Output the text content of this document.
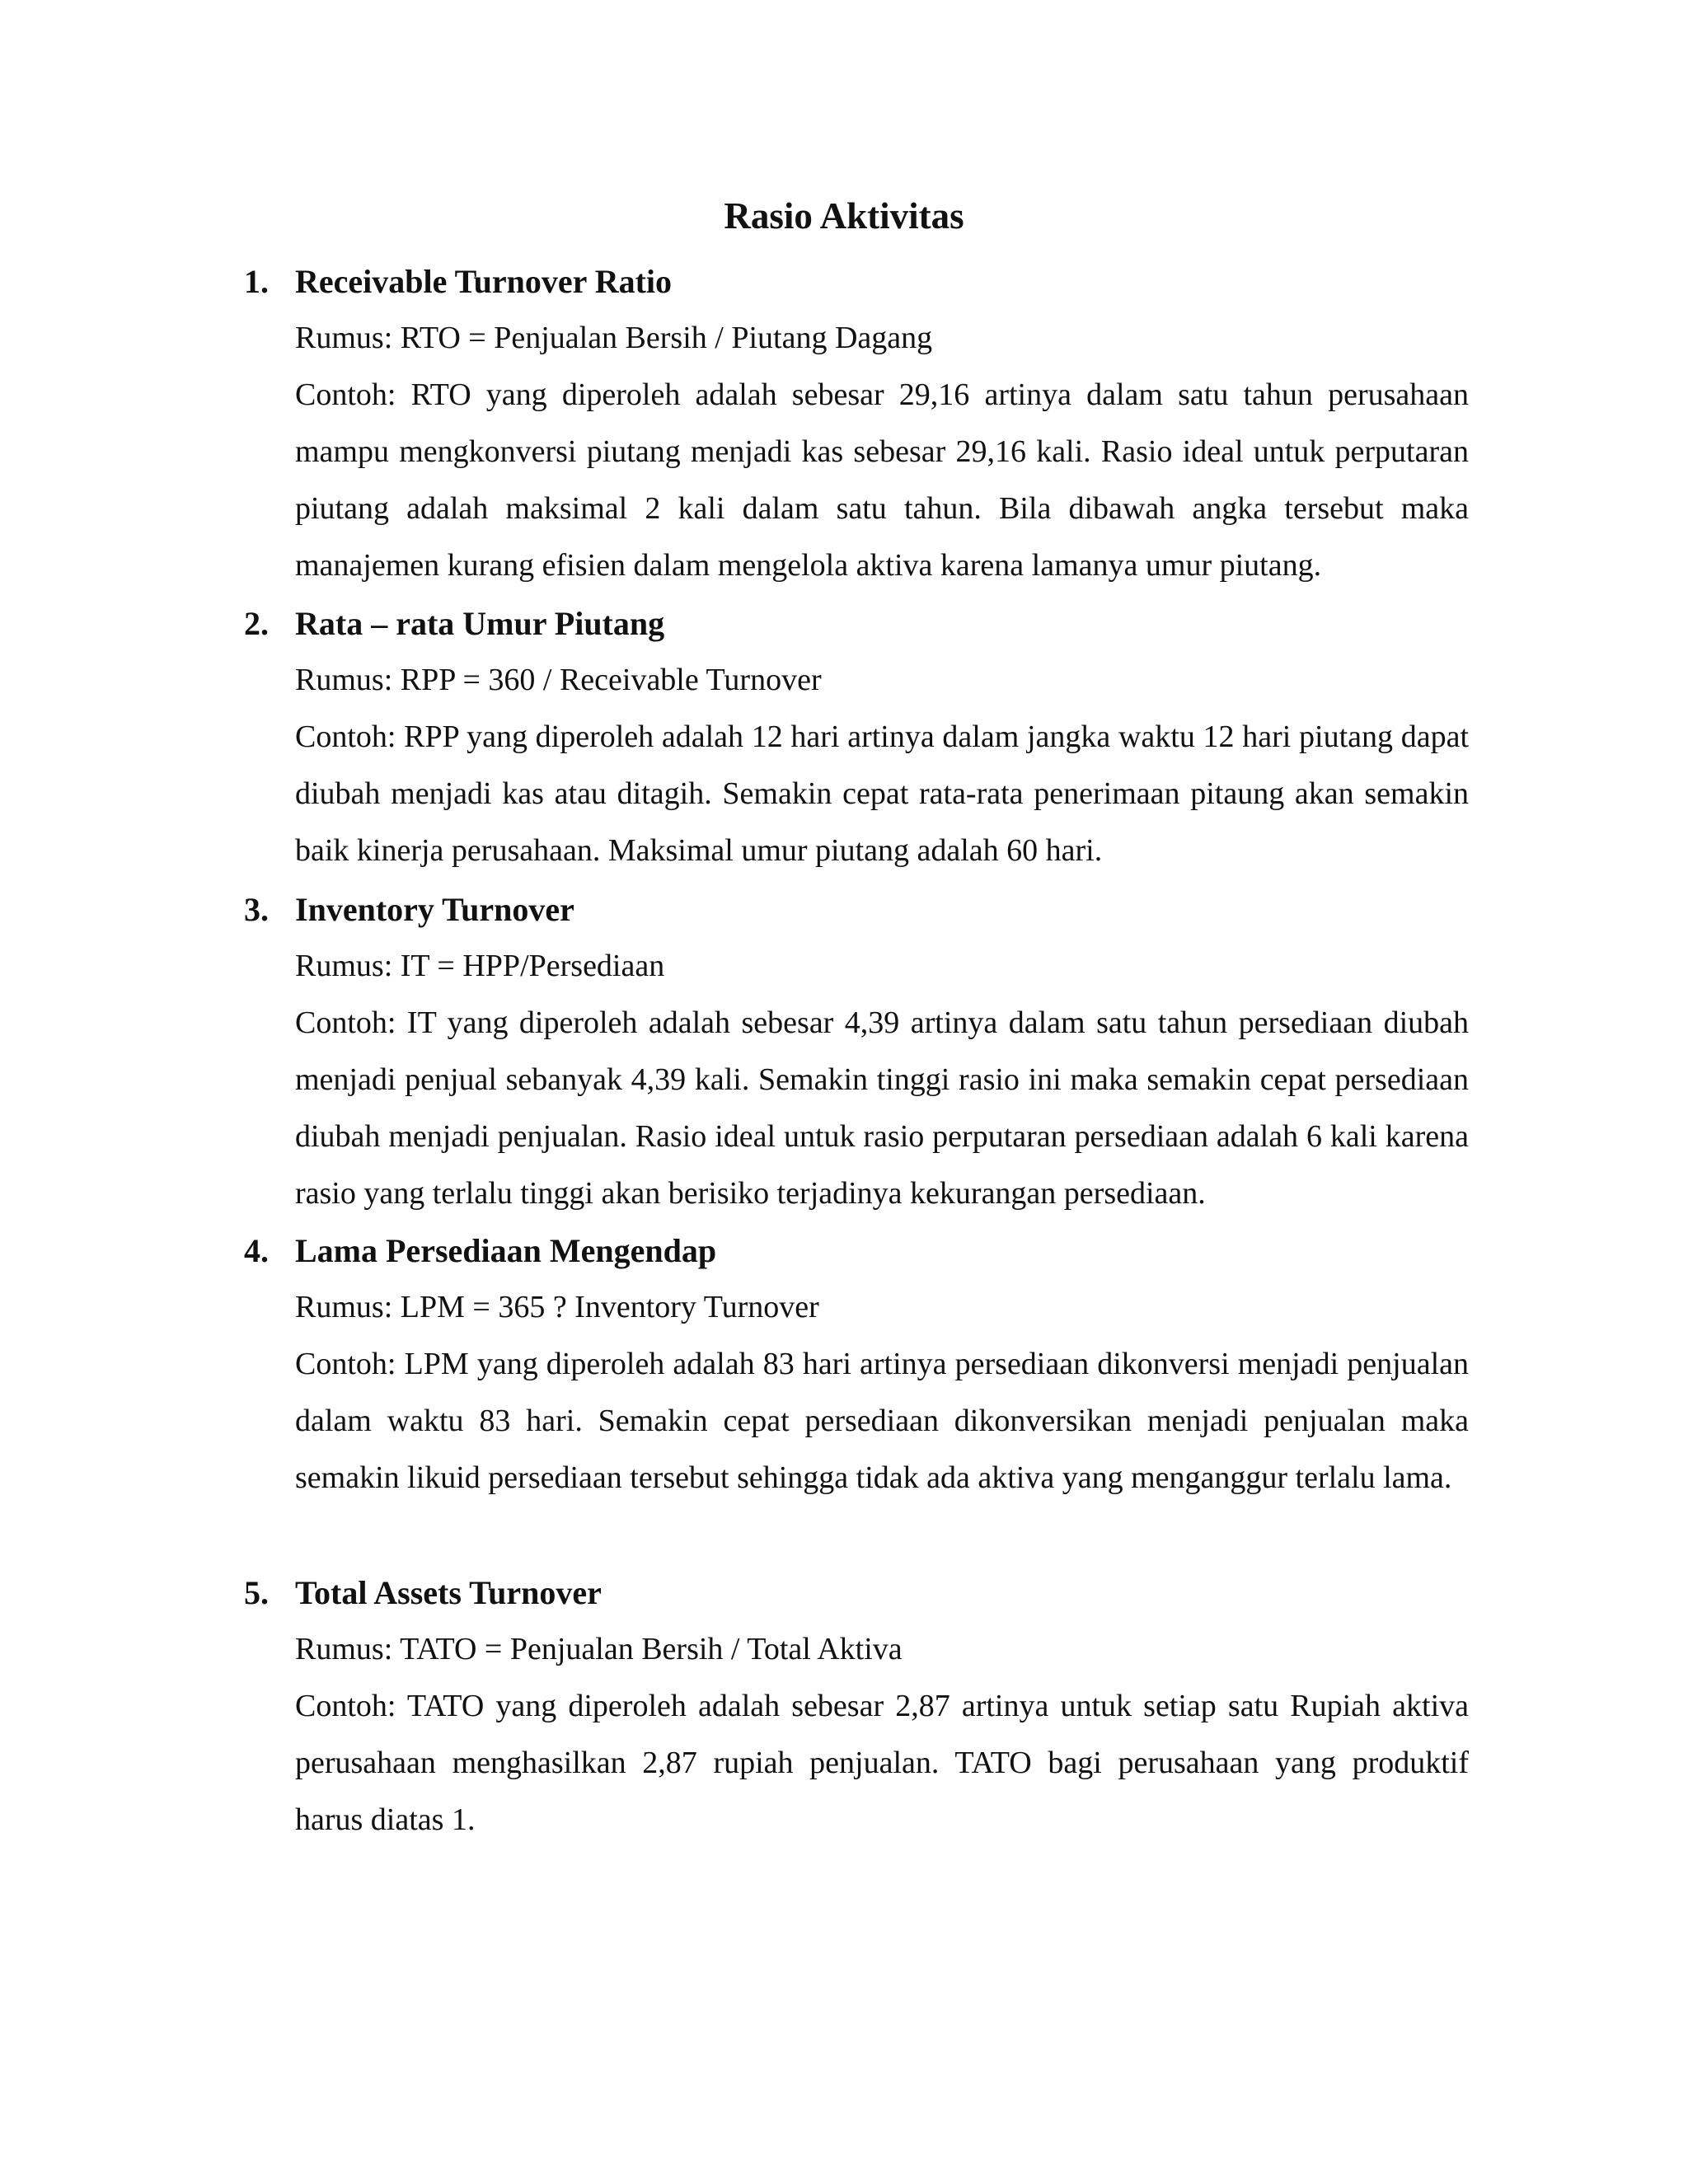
Rasio Aktivitas
1. Receivable Turnover Ratio

Rumus: RTO = Penjualan Bersih / Piutang Dagang

Contoh: RTO yang diperoleh adalah sebesar 29,16 artinya dalam satu tahun perusahaan mampu mengkonversi piutang menjadi kas sebesar 29,16 kali. Rasio ideal untuk perputaran piutang adalah maksimal 2 kali dalam satu tahun. Bila dibawah angka tersebut maka manajemen kurang efisien dalam mengelola aktiva karena lamanya umur piutang.

2. Rata – rata Umur Piutang

Rumus: RPP = 360 / Receivable Turnover

Contoh: RPP yang diperoleh adalah 12 hari artinya dalam jangka waktu 12 hari piutang dapat diubah menjadi kas atau ditagih. Semakin cepat rata-rata penerimaan pitaung akan semakin baik kinerja perusahaan. Maksimal umur piutang adalah 60 hari.

3. Inventory Turnover

Rumus: IT = HPP/Persediaan

Contoh: IT yang diperoleh adalah sebesar 4,39 artinya dalam satu tahun persediaan diubah menjadi penjual sebanyak 4,39 kali. Semakin tinggi rasio ini maka semakin cepat persediaan diubah menjadi penjualan. Rasio ideal untuk rasio perputaran persediaan adalah 6 kali karena rasio yang terlalu tinggi akan berisiko terjadinya kekurangan persediaan.

4. Lama Persediaan Mengendap

Rumus: LPM = 365 ? Inventory Turnover

Contoh: LPM yang diperoleh adalah 83 hari artinya persediaan dikonversi menjadi penjualan dalam waktu 83 hari. Semakin cepat persediaan dikonversikan menjadi penjualan maka semakin likuid persediaan tersebut sehingga tidak ada aktiva yang menganggur terlalu lama.

5. Total Assets Turnover

Rumus: TATO = Penjualan Bersih / Total Aktiva

Contoh: TATO yang diperoleh adalah sebesar 2,87 artinya untuk setiap satu Rupiah aktiva perusahaan menghasilkan 2,87 rupiah penjualan. TATO bagi perusahaan yang produktif harus diatas 1.
